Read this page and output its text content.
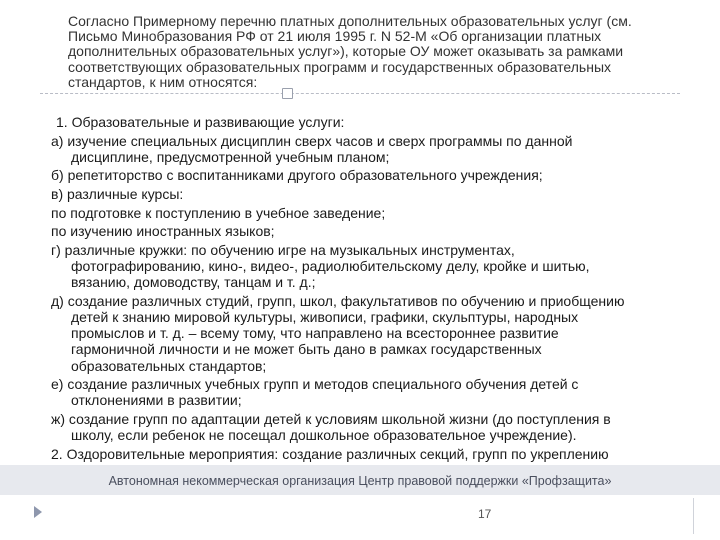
Согласно Примерному перечню платных дополнительных образовательных услуг (см.
Письмо Минобразования РФ от 21 июля 1995 г. N 52-М «Об организации платных
дополнительных образовательных услуг»), которые ОУ может оказывать за рамками
соответствующих образовательных программ и государственных образовательных
стандартов, к ним относятся:
1. Образовательные и развивающие услуги:
а) изучение специальных дисциплин сверх часов и сверх программы по данной
дисциплине, предусмотренной учебным планом;
б) репетиторство с воспитанниками другого образовательного учреждения;
в) различные курсы:
по подготовке к поступлению в учебное заведение;
по изучению иностранных языков;
г) различные кружки: по обучению игре на музыкальных инструментах,
фотографированию, кино-, видео-, радиолюбительскому делу, кройке и шитью,
вязанию, домоводству, танцам и т. д.;
д) создание различных студий, групп, школ, факультативов по обучению и приобщению
детей к знанию мировой культуры, живописи, графики, скульптуры, народных
промыслов и т. д. – всему тому, что направлено на всестороннее развитие
гармоничной личности и не может быть дано в рамках государственных
образовательных стандартов;
е) создание различных учебных групп и методов специального обучения детей с
отклонениями в развитии;
ж) создание групп по адаптации детей к условиям школьной жизни (до поступления в
школу, если ребенок не посещал дошкольное образовательное учреждение).
2. Оздоровительные мероприятия: создание различных секций, групп по укреплению
Автономная некоммерческая организация Центр правовой поддержки «Профзащита»
17
